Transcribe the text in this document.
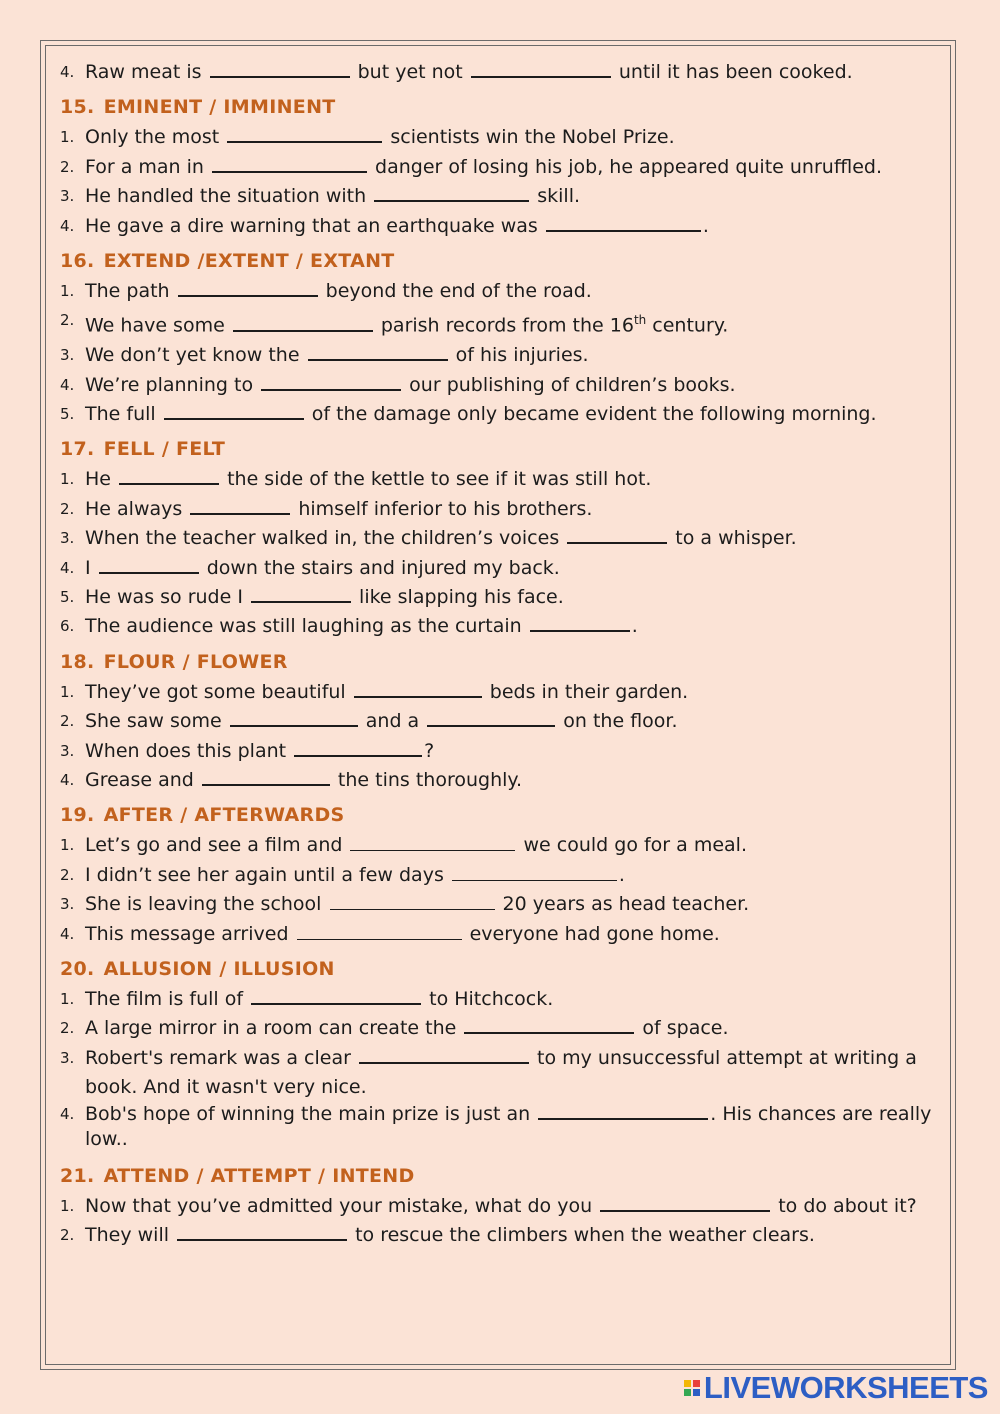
4. Raw meat is	but yet not	until it has been cooked.
15. EMINENT / IMMINENT
1. Only the most	scientists win the Nobel Prize.
2. For a man in	danger of losing his job, he appeared quite unruffled.
3. He handled the situation with	skill.
4. He gave a dire warning that an earthquake was	.
16. EXTEND /EXTENT / EXTANT
1. The path	beyond the end of the road.
2. We have some	parish records from the 16th century.
3. We don’t yet know the	of his injuries.
4. We’re planning to	our publishing of children’s books.
5. The full	of the damage only became evident the following morning.
17. FELL / FELT
1. He	the side of the kettle to see if it was still hot.
2. He always	himself inferior to his brothers.
3. When the teacher walked in, the children’s voices	to a whisper.
4. I	down the stairs and injured my back.
5. He was so rude I	like slapping his face.
6. The audience was still laughing as the curtain	.
18. FLOUR / FLOWER
1. They’ve got some beautiful	beds in their garden.
2. She saw some	and a	on the floor.
3. When does this plant	?
4. Grease and	the tins thoroughly.
19. AFTER / AFTERWARDS
1. Let’s go and see a film and	we could go for a meal.
2. I didn’t see her again until a few days	.
3. She is leaving the school	20 years as head teacher.
4. This message arrived	everyone had gone home.
20. ALLUSION / ILLUSION
1. The film is full of	to Hitchcock.
2. A large mirror in a room can create the	of space.
3. Robert's remark was a clear	to my unsuccessful attempt at writing a book. And it wasn't very nice.
4. Bob's hope of winning the main prize is just an	. His chances are really low..
21. ATTEND / ATTEMPT / INTEND
1. Now that you’ve admitted your mistake, what do you	to do about it?
2. They will	to rescue the climbers when the weather clears.
LIVEWORKSHEETS
